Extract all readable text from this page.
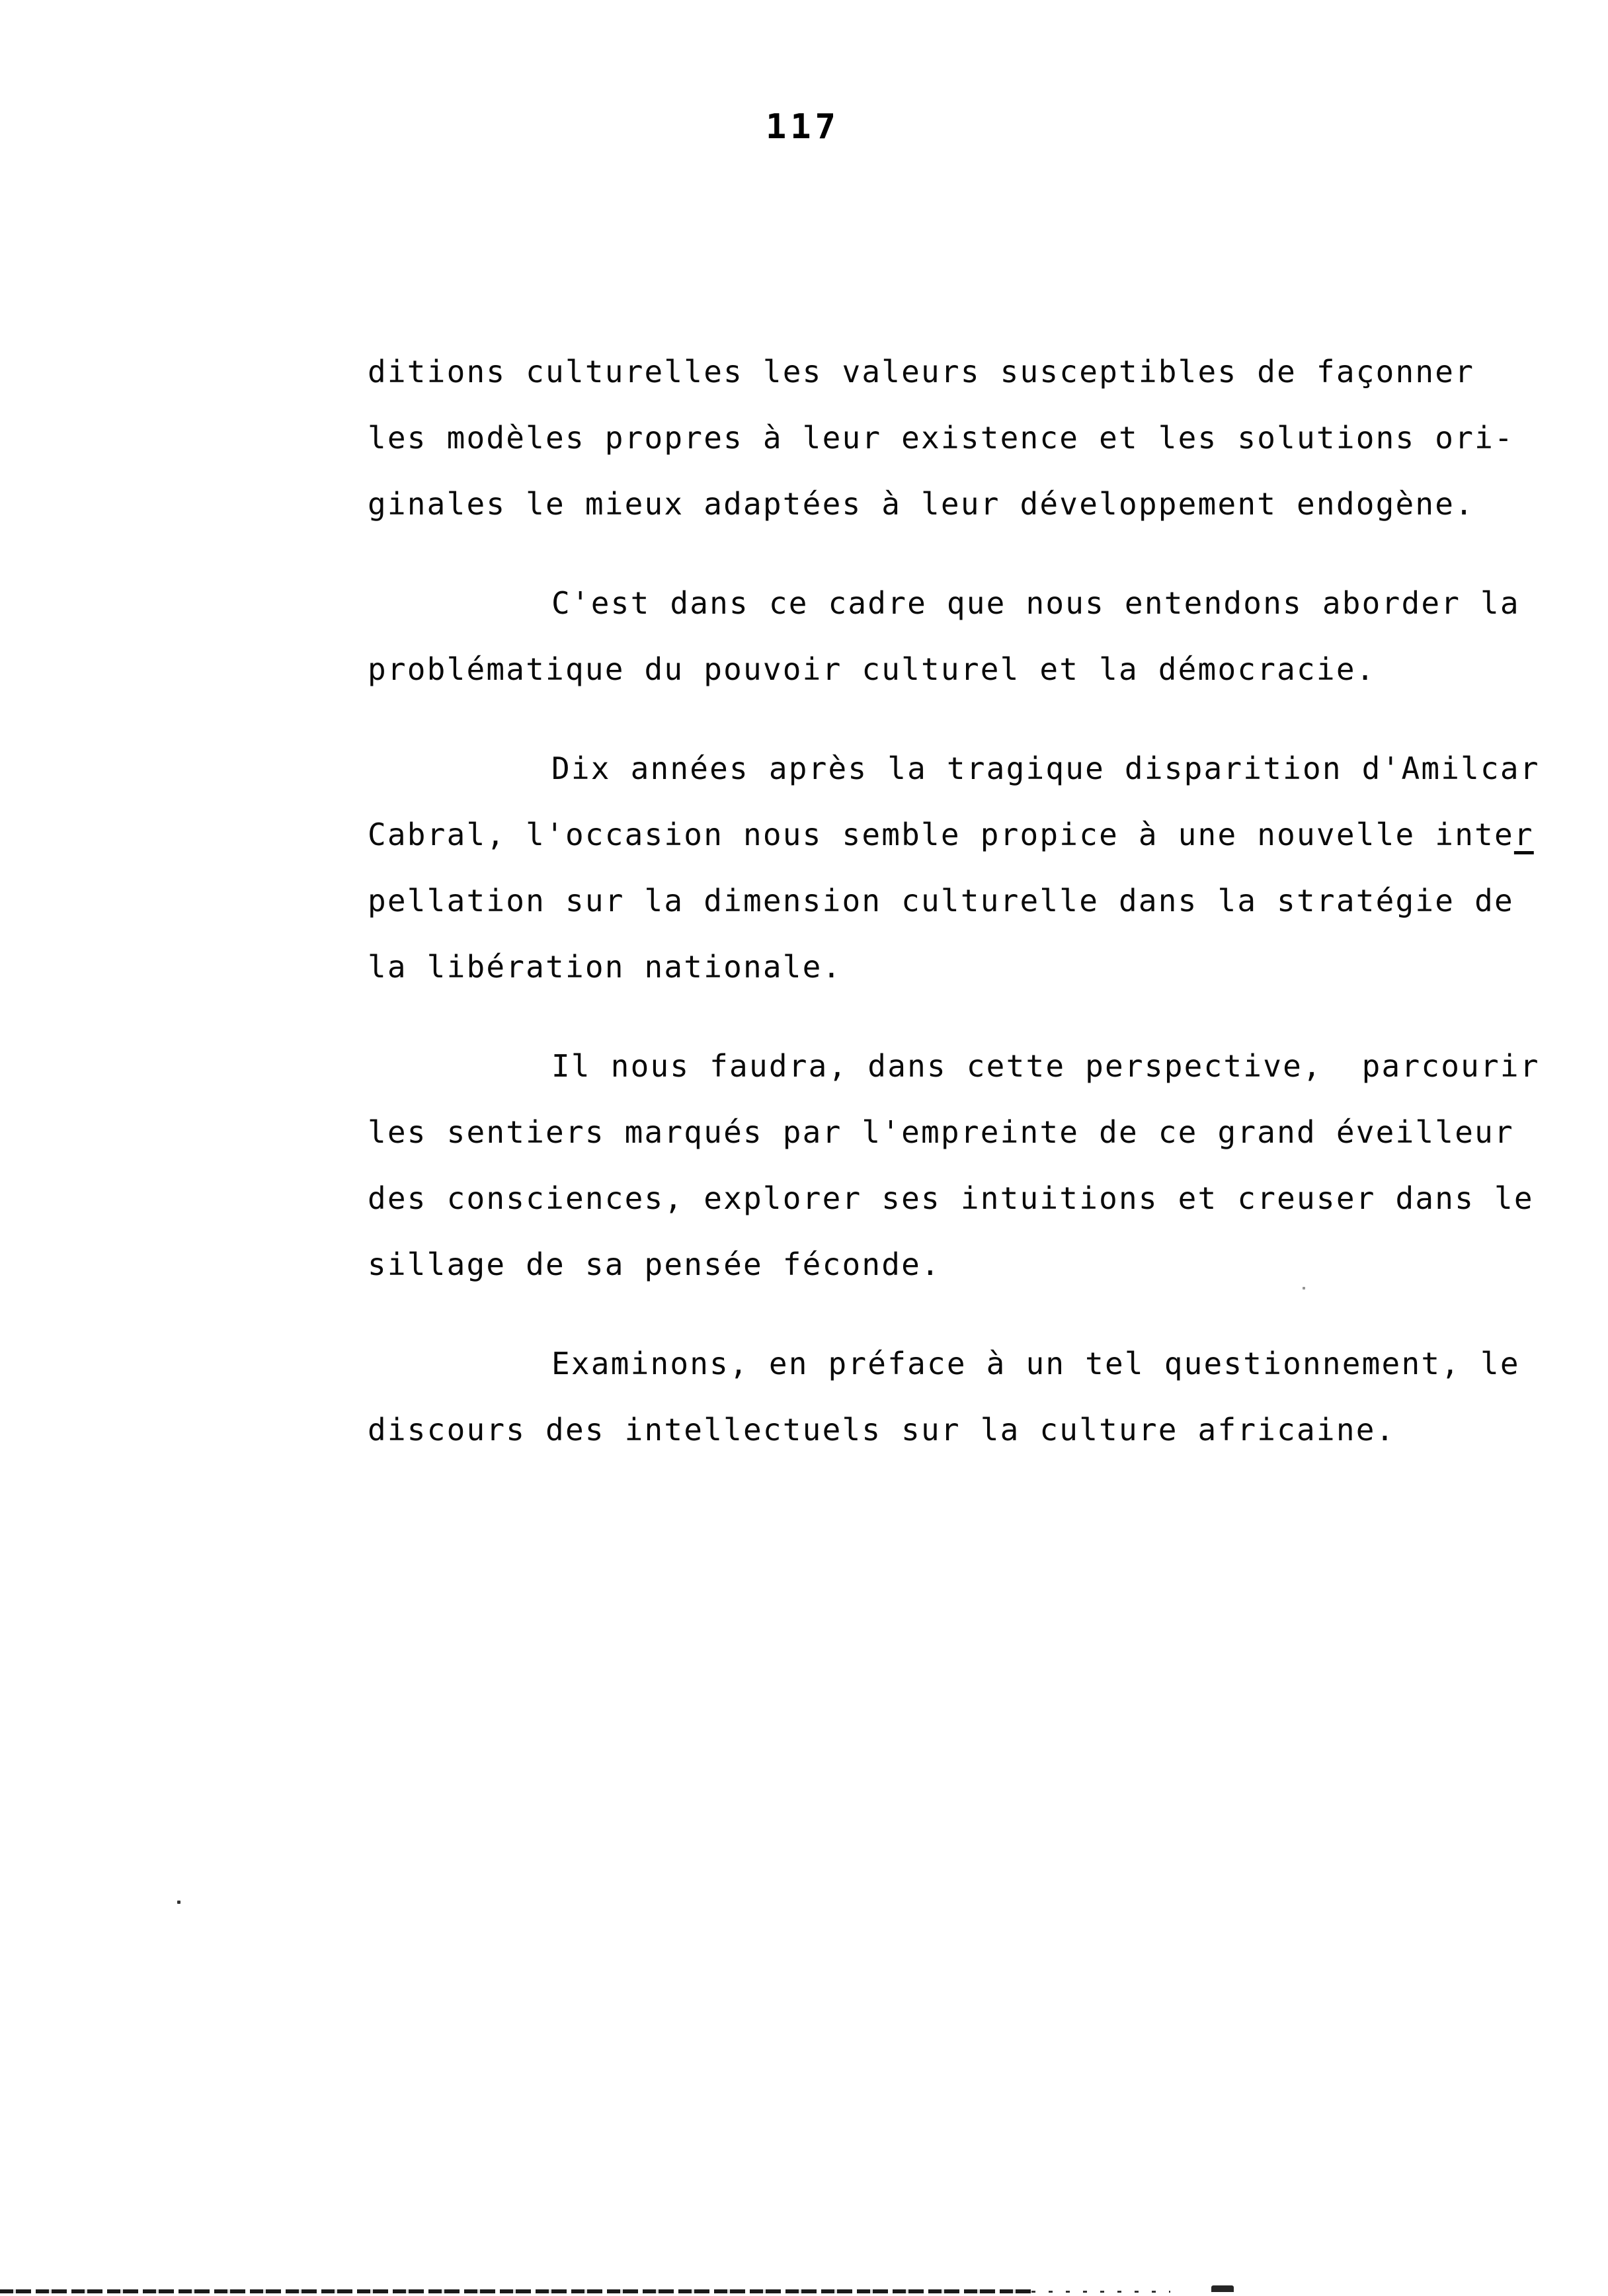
117
ditions culturelles les valeurs susceptibles de façonner
les modèles propres à leur existence et les solutions ori-
ginales le mieux adaptées à leur développement endogène.
C'est dans ce cadre que nous entendons aborder la
problématique du pouvoir culturel et la démocracie.
Dix années après la tragique disparition d'Amilcar
Cabral, l'occasion nous semble propice à une nouvelle inter
pellation sur la dimension culturelle dans la stratégie de
la libération nationale.
Il nous faudra, dans cette perspective,  parcourir
les sentiers marqués par l'empreinte de ce grand éveilleur
des consciences, explorer ses intuitions et creuser dans le
sillage de sa pensée féconde.
Examinons, en préface à un tel questionnement, le
discours des intellectuels sur la culture africaine.
